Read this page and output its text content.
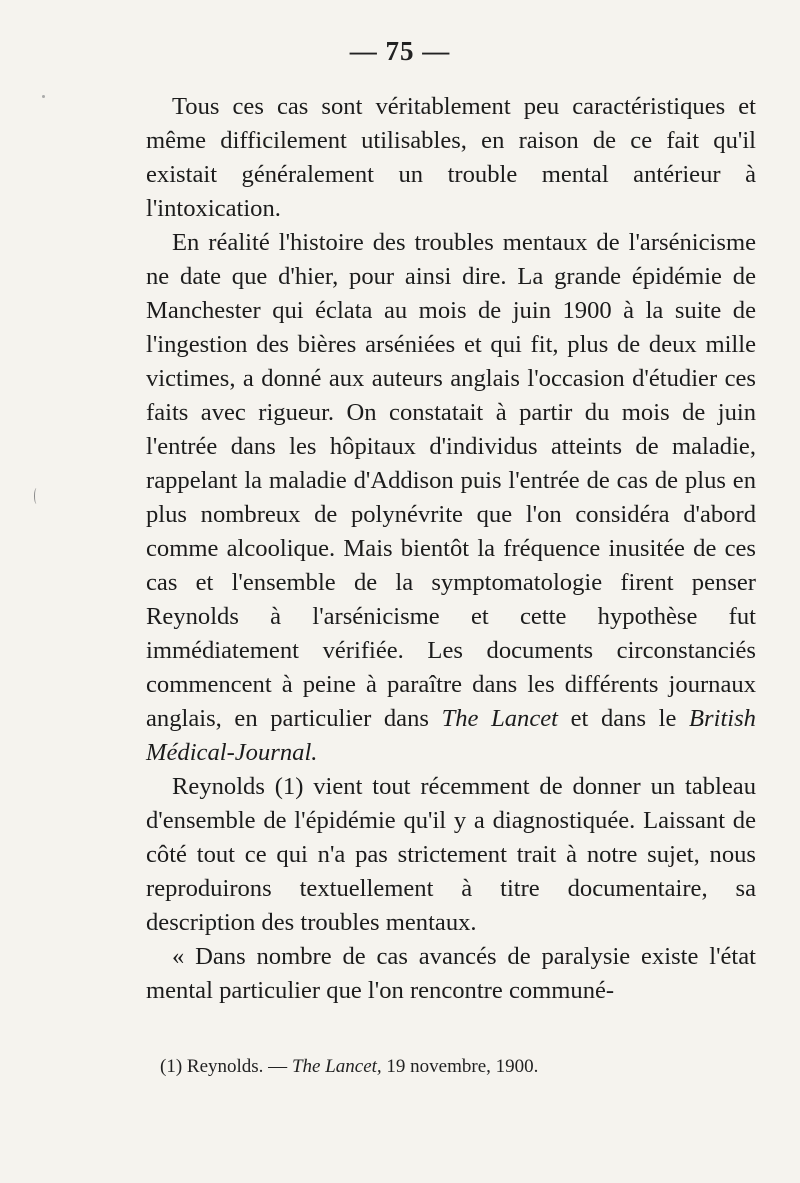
— 75 —

Tous ces cas sont véritablement peu caractéristiques et même difficilement utilisables, en raison de ce fait qu'il existait généralement un trouble mental antérieur à l'intoxication.

En réalité l'histoire des troubles mentaux de l'arsénicisme ne date que d'hier, pour ainsi dire. La grande épidémie de Manchester qui éclata au mois de juin 1900 à la suite de l'ingestion des bières arséniées et qui fit, plus de deux mille victimes, a donné aux auteurs anglais l'occasion d'étudier ces faits avec rigueur. On constatait à partir du mois de juin l'entrée dans les hôpitaux d'individus atteints de maladie, rappelant la maladie d'Addison puis l'entrée de cas de plus en plus nombreux de polynévrite que l'on considéra d'abord comme alcoolique. Mais bientôt la fréquence inusitée de ces cas et l'ensemble de la symptomatologie firent penser Reynolds à l'arsénicisme et cette hypothèse fut immédiatement vérifiée. Les documents circonstanciés commencent à peine à paraître dans les différents journaux anglais, en particulier dans The Lancet et dans le British Médical-Journal.

Reynolds (1) vient tout récemment de donner un tableau d'ensemble de l'épidémie qu'il y a diagnostiquée. Laissant de côté tout ce qui n'a pas strictement trait à notre sujet, nous reproduirons textuellement à titre documentaire, sa description des troubles mentaux.

« Dans nombre de cas avancés de paralysie existe l'état mental particulier que l'on rencontre communé-

(1) Reynolds. — The Lancet, 19 novembre, 1900.
